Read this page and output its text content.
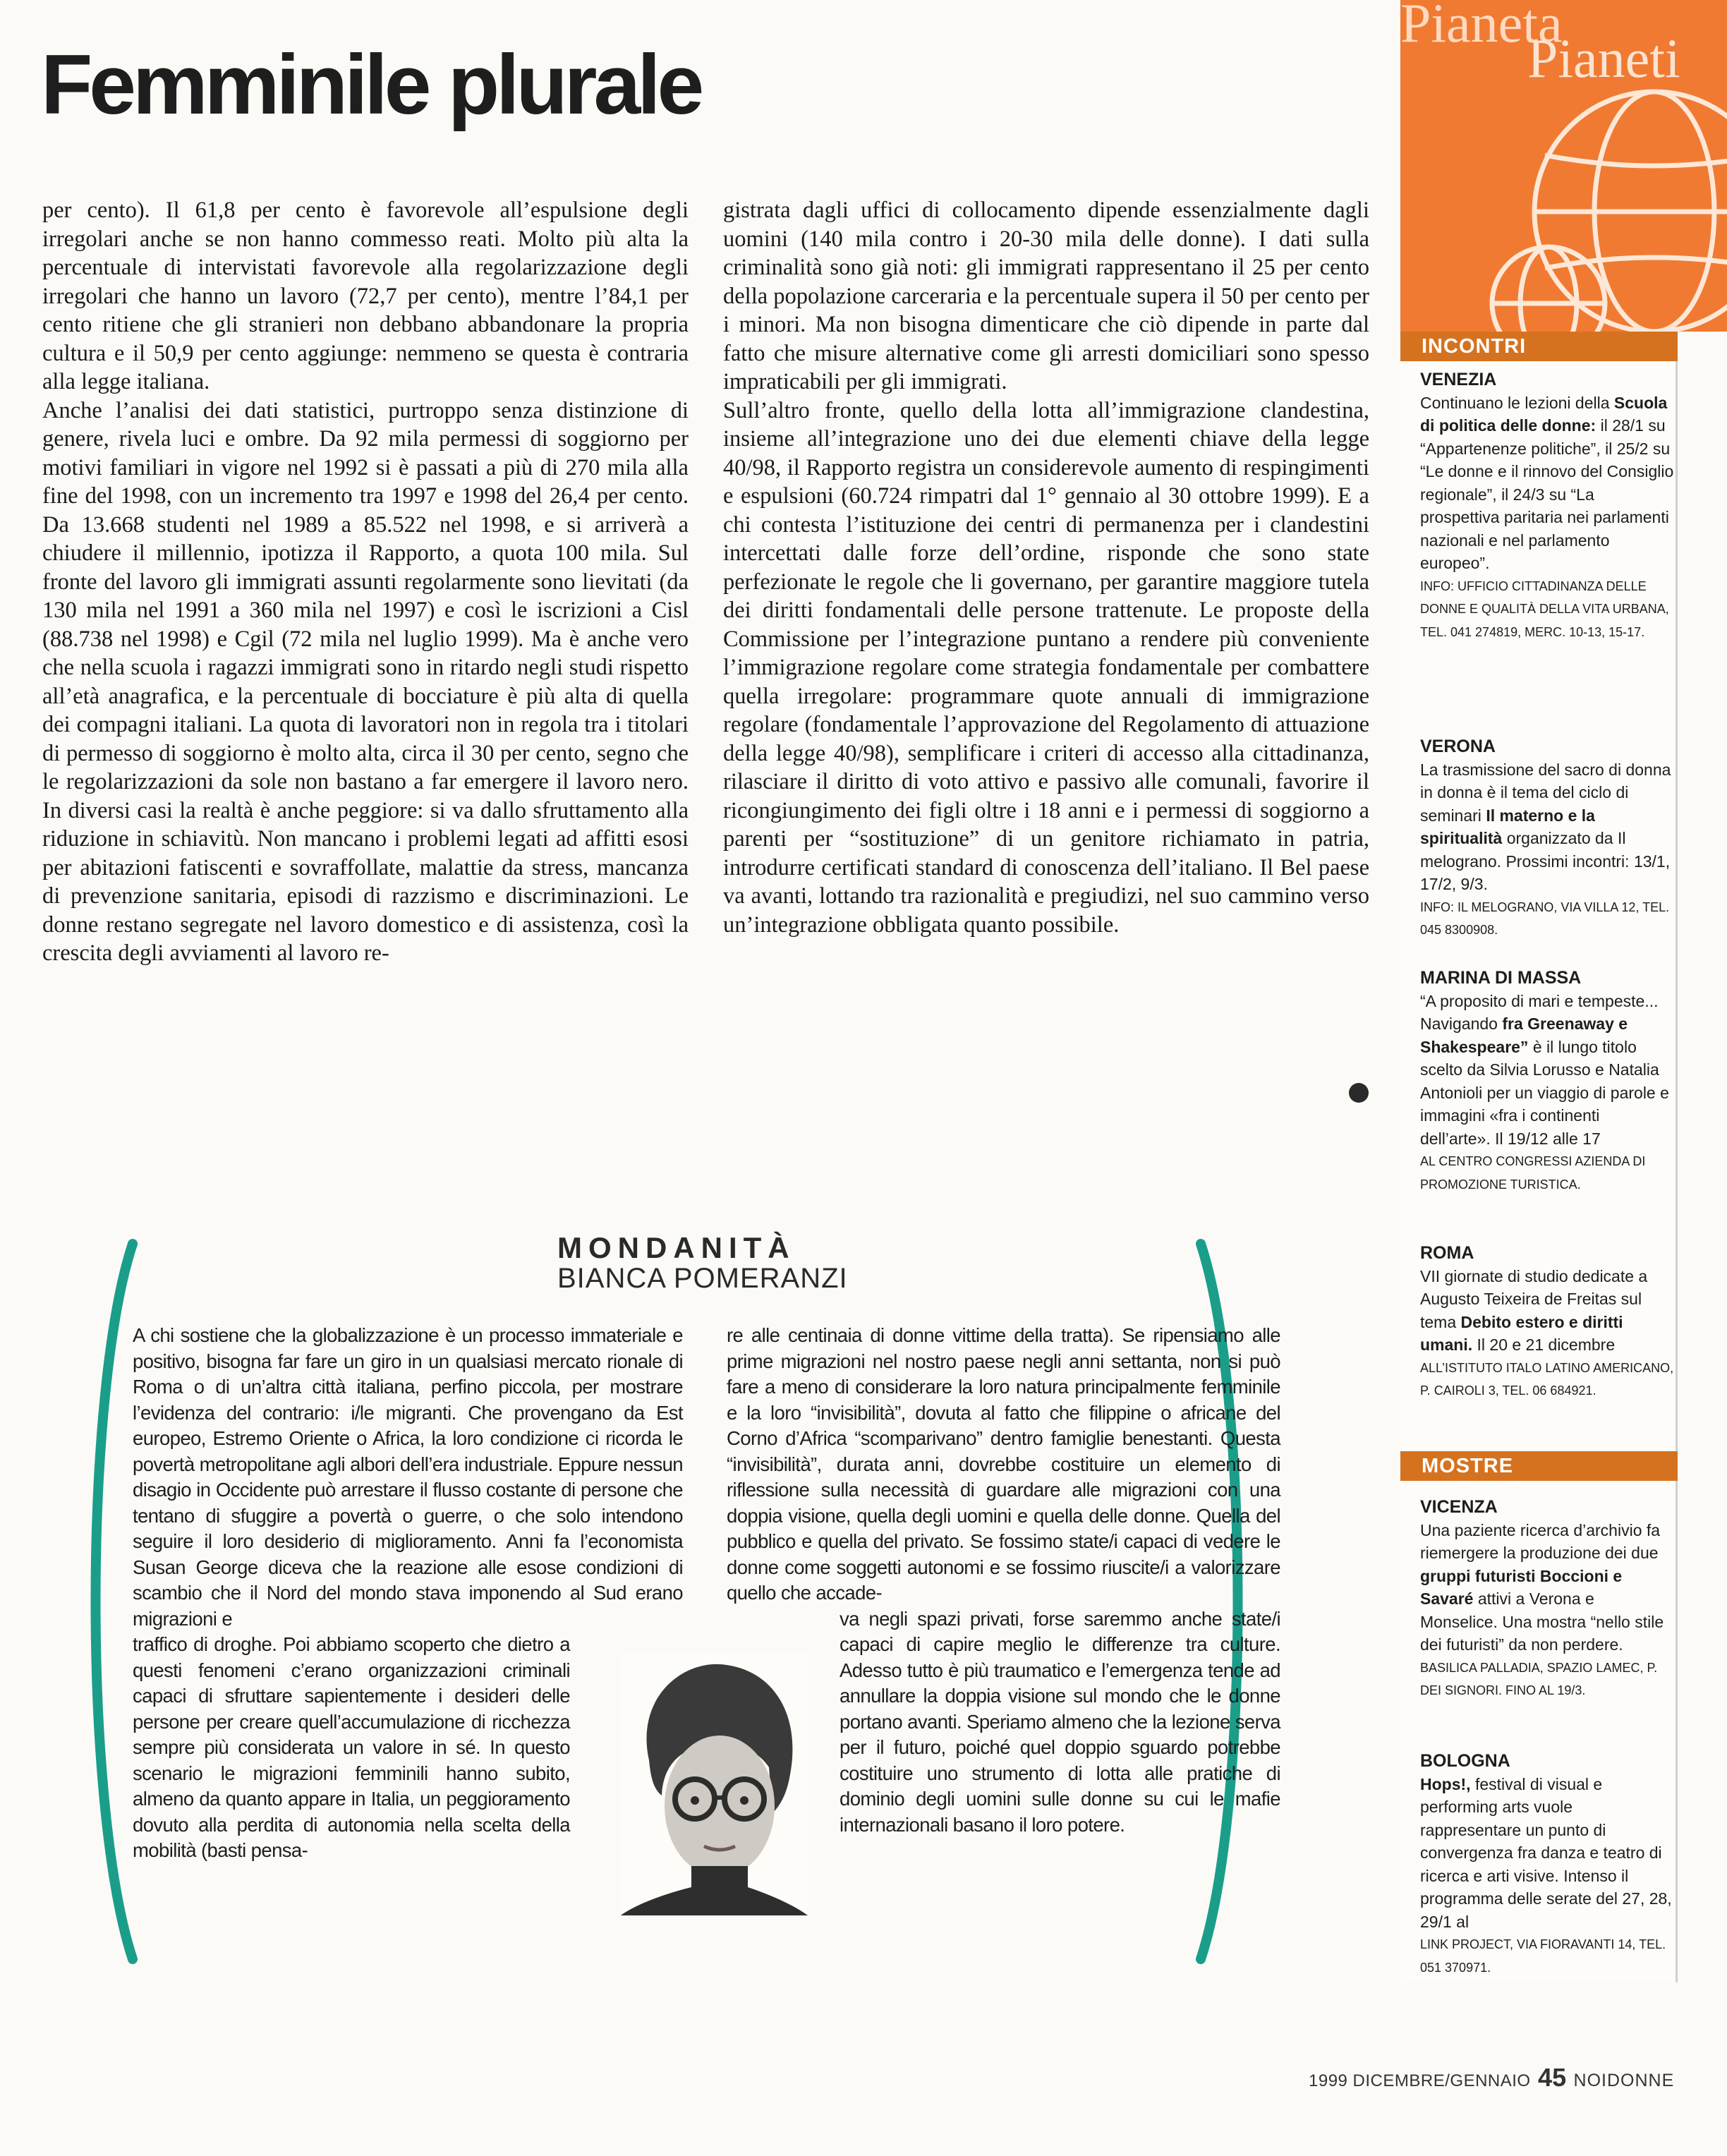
Femminile plurale
Pianeta
Pianeti

per cento). Il 61,8 per cento è favorevole all’espulsione degli irregolari anche se non hanno commesso reati. Molto più alta la percentuale di intervistati favorevole alla regolarizzazione degli irregolari che hanno un lavoro (72,7 per cento), mentre l’84,1 per cento ritiene che gli stranieri non debbano abbandonare la propria cultura e il 50,9 per cento aggiunge: nemmeno se questa è contraria alla legge italiana.

Anche l’analisi dei dati statistici, purtroppo senza distinzione di genere, rivela luci e ombre. Da 92 mila permessi di soggiorno per motivi familiari in vigore nel 1992 si è passati a più di 270 mila alla fine del 1998, con un incremento tra 1997 e 1998 del 26,4 per cento. Da 13.668 studenti nel 1989 a 85.522 nel 1998, e si arriverà a chiudere il millennio, ipotizza il Rapporto, a quota 100 mila. Sul fronte del lavoro gli immigrati assunti regolarmente sono lievitati (da 130 mila nel 1991 a 360 mila nel 1997) e così le iscrizioni a Cisl (88.738 nel 1998) e Cgil (72 mila nel luglio 1999). Ma è anche vero che nella scuola i ragazzi immigrati sono in ritardo negli studi rispetto all’età anagrafica, e la percentuale di bocciature è più alta di quella dei compagni italiani. La quota di lavoratori non in regola tra i titolari di permesso di soggiorno è molto alta, circa il 30 per cento, segno che le regolarizzazioni da sole non bastano a far emergere il lavoro nero. In diversi casi la realtà è anche peggiore: si va dallo sfruttamento alla riduzione in schiavitù. Non mancano i problemi legati ad affitti esosi per abitazioni fatiscenti e sovraffollate, malattie da stress, mancanza di prevenzione sanitaria, episodi di razzismo e discriminazioni. Le donne restano segregate nel lavoro domestico e di assistenza, così la crescita degli avviamenti al lavoro re-

gistrata dagli uffici di collocamento dipende essenzialmente dagli uomini (140 mila contro i 20-30 mila delle donne). I dati sulla criminalità sono già noti: gli immigrati rappresentano il 25 per cento della popolazione carceraria e la percentuale supera il 50 per cento per i minori. Ma non bisogna dimenticare che ciò dipende in parte dal fatto che misure alternative come gli arresti domiciliari sono spesso impraticabili per gli immigrati.

Sull’altro fronte, quello della lotta all’immigrazione clandestina, insieme all’integrazione uno dei due elementi chiave della legge 40/98, il Rapporto registra un considerevole aumento di respingimenti e espulsioni (60.724 rimpatri dal 1° gennaio al 30 ottobre 1999). E a chi contesta l’istituzione dei centri di permanenza per i clandestini intercettati dalle forze dell’ordine, risponde che sono state perfezionate le regole che li governano, per garantire maggiore tutela dei diritti fondamentali delle persone trattenute. Le proposte della Commissione per l’integrazione puntano a rendere più conveniente l’immigrazione regolare come strategia fondamentale per combattere quella irregolare: programmare quote annuali di immigrazione regolare (fondamentale l’approvazione del Regolamento di attuazione della legge 40/98), semplificare i criteri di accesso alla cittadinanza, rilasciare il diritto di voto attivo e passivo alle comunali, favorire il ricongiungimento dei figli oltre i 18 anni e i permessi di soggiorno a parenti per “sostituzione” di un genitore richiamato in patria, introdurre certificati standard di conoscenza dell’italiano. Il Bel paese va avanti, lottando tra razionalità e pregiudizi, nel suo cammino verso un’integrazione obbligata quanto possibile.

INCONTRI
VENEZIA
Continuano le lezioni della Scuola di politica delle donne: il 28/1 su “Appartenenze politiche”, il 25/2 su “Le donne e il rinnovo del Consiglio regionale”, il 24/3 su “La prospettiva paritaria nei parlamenti nazionali e nel parlamento europeo”.
INFO: UFFICIO CITTADINANZA DELLE DONNE E QUALITÀ DELLA VITA URBANA, TEL. 041 274819, MERC. 10-13, 15-17.
VERONA
La trasmissione del sacro di donna in donna è il tema del ciclo di seminari Il materno e la spiritualità organizzato da Il melograno. Prossimi incontri: 13/1, 17/2, 9/3.
INFO: IL MELOGRANO, VIA VILLA 12, TEL. 045 8300908.
MARINA DI MASSA
“A proposito di mari e tempeste... Navigando fra Greenaway e Shakespeare” è il lungo titolo scelto da Silvia Lorusso e Natalia Antonioli per un viaggio di parole e immagini «fra i continenti dell’arte». Il 19/12 alle 17
AL CENTRO CONGRESSI AZIENDA DI PROMOZIONE TURISTICA.
ROMA
VII giornate di studio dedicate a Augusto Teixeira de Freitas sul tema Debito estero e diritti umani. Il 20 e 21 dicembre
ALL’ISTITUTO ITALO LATINO AMERICANO, P. CAIROLI 3, TEL. 06 684921.
MOSTRE
VICENZA
Una paziente ricerca d’archivio fa riemergere la produzione dei due gruppi futuristi Boccioni e Savaré attivi a Verona e Monselice. Una mostra “nello stile dei futuristi” da non perdere.
BASILICA PALLADIA, SPAZIO LAMEC, P. DEI SIGNORI. FINO AL 19/3.
BOLOGNA
Hops!, festival di visual e performing arts vuole rappresentare un punto di convergenza fra danza e teatro di ricerca e arti visive. Intenso il programma delle serate del 27, 28, 29/1 al
LINK PROJECT, VIA FIORAVANTI 14, TEL. 051 370971.
MONDANITÀ
BIANCA POMERANZI

A chi sostiene che la globalizzazione è un processo immateriale e positivo, bisogna far fare un giro in un qualsiasi mercato rionale di Roma o di un’altra città italiana, perfino piccola, per mostrare l’evidenza del contrario: i/le migranti. Che provengano da Est europeo, Estremo Oriente o Africa, la loro condizione ci ricorda le povertà metropolitane agli albori dell’era industriale. Eppure nessun disagio in Occidente può arrestare il flusso costante di persone che tentano di sfuggire a povertà o guerre, o che solo intendono seguire il loro desiderio di miglioramento. Anni fa l’economista Susan George diceva che la reazione alle esose condizioni di scambio che il Nord del mondo stava imponendo al Sud erano migrazioni e

traffico di droghe. Poi abbiamo scoperto che dietro a questi fenomeni c’erano organizzazioni criminali capaci di sfruttare sapientemente i desideri delle persone per creare quell’accumulazione di ricchezza sempre più considerata un valore in sé. In questo scenario le migrazioni femminili hanno subito, almeno da quanto appare in Italia, un peggioramento dovuto alla perdita di autonomia nella scelta della mobilità (basti pensa-

re alle centinaia di donne vittime della tratta). Se ripensiamo alle prime migrazioni nel nostro paese negli anni settanta, non si può fare a meno di considerare la loro natura principalmente femminile e la loro “invisibilità”, dovuta al fatto che filippine o africane del Corno d’Africa “scomparivano” dentro famiglie benestanti. Questa “invisibilità”, durata anni, dovrebbe costituire un elemento di riflessione sulla necessità di guardare alle migrazioni con una doppia visione, quella degli uomini e quella delle donne. Quella del pubblico e quella del privato. Se fossimo state/i capaci di vedere le donne come soggetti autonomi e se fossimo riuscite/i a valorizzare quello che accade-

va negli spazi privati, forse saremmo anche state/i capaci di capire meglio le differenze tra culture. Adesso tutto è più traumatico e l’emergenza tende ad annullare la doppia visione sul mondo che le donne portano avanti. Speriamo almeno che la lezione serva per il futuro, poiché quel doppio sguardo potrebbe costituire uno strumento di lotta alle pratiche di dominio degli uomini sulle donne su cui le mafie internazionali basano il loro potere.

1999 DICEMBRE/GENNAIO 45 NOIDONNE
